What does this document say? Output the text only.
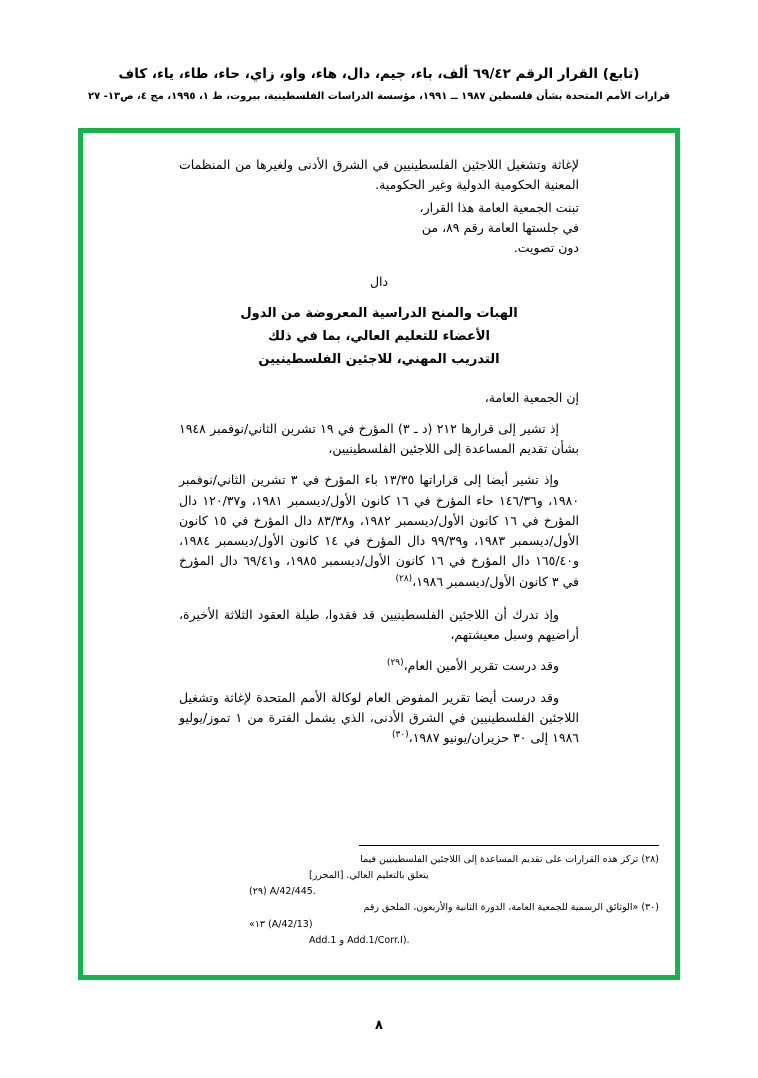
(تابع) القرار الرقم ٦٩/٤٢ ألف، باء، جيم، دال، هاء، واو، زاي، حاء، طاء، ياء، كاف
قرارات الأمم المتحدة بشأن فلسطين ١٩٨٧ ــ ١٩٩١، مؤسسة الدراسات الفلسطينية، بيروت، ط ١، ١٩٩٥، مج ٤، ص١٣- ٢٧

لإغاثة وتشغيل اللاجئين الفلسطينيين في الشرق الأدنى ولغيرها من المنظمات المعنية الحكومية الدولية وغير الحكومية.

تبنت الجمعية العامة هذا القرار،

في جلستها العامة رقم ٨٩، من

دون تصويت.

دال
الهبات والمنح الدراسية المعروضة من الدول
الأعضاء للتعليم العالي، بما في ذلك
التدريب المهني، للاجئين الفلسطينيين

إن الجمعية العامة،

إذ تشير إلى قرارها ٢١٢ (د ـ ٣) المؤرخ في ١٩ تشرين الثاني/نوفمبر ١٩٤٨ بشأن تقديم المساعدة إلى اللاجئين الفلسطينيين،

وإذ تشير أيضا إلى قراراتها ١٣/٣٥ باء المؤرخ في ٣ تشرين الثاني/نوفمبر ١٩٨٠، و١٤٦/٣٦ حاء المؤرخ في ١٦ كانون الأول/ديسمبر ١٩٨١، و١٢٠/٣٧ دال المؤرخ في ١٦ كانون الأول/ديسمبر ١٩٨٢، و٨٣/٣٨ دال المؤرخ في ١٥ كانون الأول/ديسمبر ١٩٨٣، و٩٩/٣٩ دال المؤرخ في ١٤ كانون الأول/ديسمبر ١٩٨٤، و١٦٥/٤٠ دال المؤرخ في ١٦ كانون الأول/ديسمبر ١٩٨٥، و٦٩/٤١ دال المؤرخ في ٣ كانون الأول/ديسمبر ١٩٨٦،$^{(٢٨)}$

وإذ تدرك أن اللاجئين الفلسطينيين قد فقدوا، طيلة العقود الثلاثة الأخيرة، أراضيهم وسبل معيشتهم،

وقد درست تقرير الأمين العام،$^{(٢٩)}$

وقد درست أيضا تقرير المفوض العام لوكالة الأمم المتحدة لإغاثة وتشغيل اللاجئين الفلسطينيين في الشرق الأدنى، الذي يشمل الفترة من ١ تموز/يوليو ١٩٨٦ إلى ٣٠ حزيران/يونيو ١٩٨٧،$^{(٣٠)}$

(٢٨) تركز هذه القرارات على تقديم المساعدة إلى اللاجئين الفلسطينيين فيما

يتعلق بالتعليم العالي. [المحرر]

A/42/445. (٢٩)

(٣٠) «الوثائق الرسمية للجمعية العامة، الدورة الثانية والأربعون، الملحق رقم

(A/42/13) ١٣»

Add.1/Corr.I). و Add.1

٨
